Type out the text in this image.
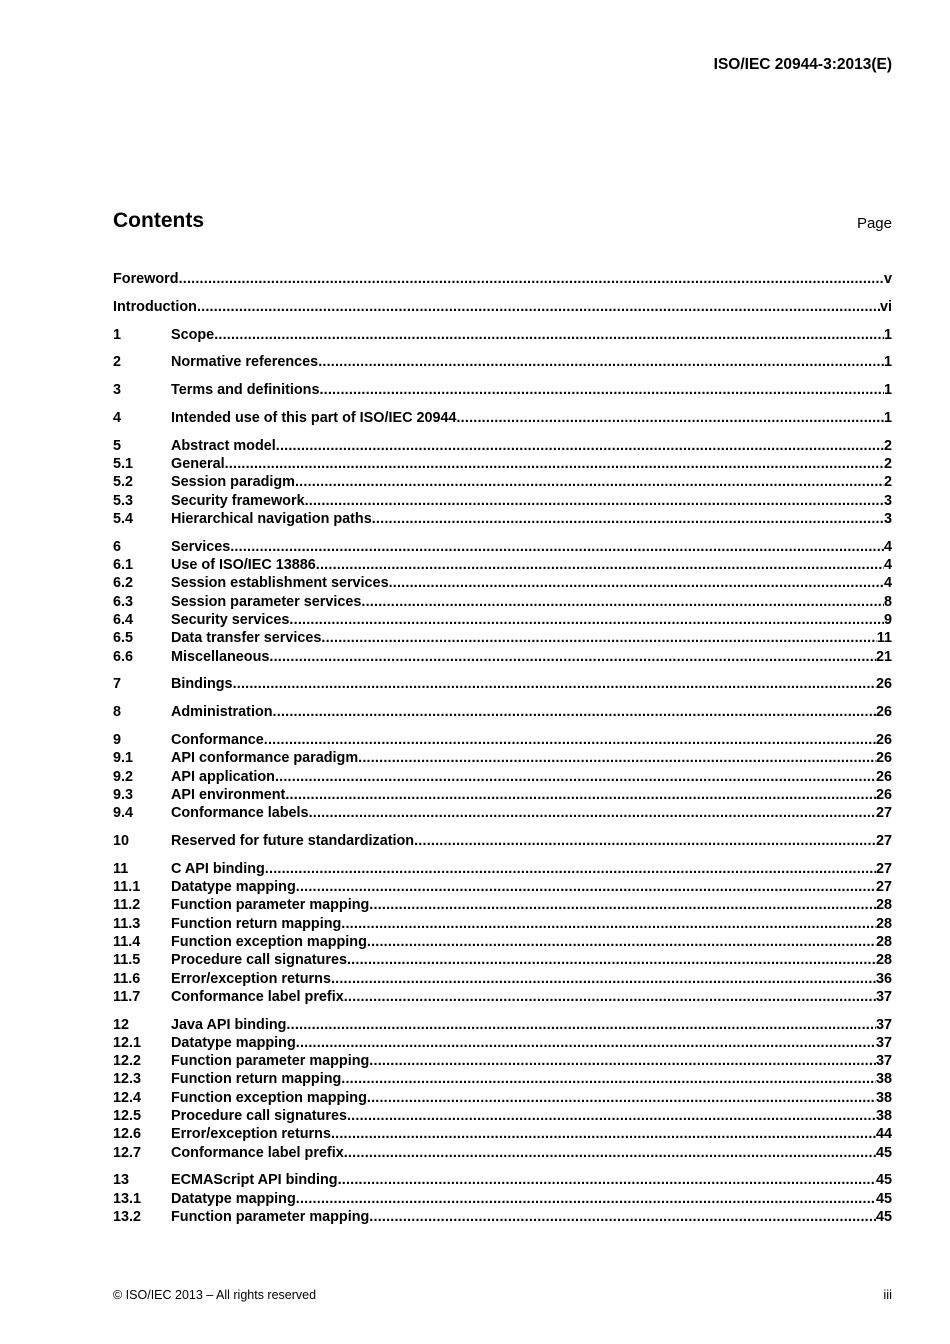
ISO/IEC 20944-3:2013(E)
Contents	Page
Foreword .....	v
Introduction .....	vi
1	Scope .....	1
2	Normative references .....	1
3	Terms and definitions .....	1
4	Intended use of this part of ISO/IEC 20944 .....	1
5	Abstract model .....	2
5.1	General .....	2
5.2	Session paradigm .....	2
5.3	Security framework .....	3
5.4	Hierarchical navigation paths .....	3
6	Services .....	4
6.1	Use of ISO/IEC 13886 .....	4
6.2	Session establishment services .....	4
6.3	Session parameter services .....	8
6.4	Security services .....	9
6.5	Data transfer services .....	11
6.6	Miscellaneous .....	21
7	Bindings .....	26
8	Administration .....	26
9	Conformance .....	26
9.1	API conformance paradigm .....	26
9.2	API application .....	26
9.3	API environment .....	26
9.4	Conformance labels .....	27
10	Reserved for future standardization .....	27
11	C API binding .....	27
11.1	Datatype mapping .....	27
11.2	Function parameter mapping .....	28
11.3	Function return mapping .....	28
11.4	Function exception mapping .....	28
11.5	Procedure call signatures .....	28
11.6	Error/exception returns .....	36
11.7	Conformance label prefix .....	37
12	Java API binding .....	37
12.1	Datatype mapping .....	37
12.2	Function parameter mapping .....	37
12.3	Function return mapping .....	38
12.4	Function exception mapping .....	38
12.5	Procedure call signatures .....	38
12.6	Error/exception returns .....	44
12.7	Conformance label prefix .....	45
13	ECMAScript API binding .....	45
13.1	Datatype mapping .....	45
13.2	Function parameter mapping .....	45
© ISO/IEC 2013 – All rights reserved	iii
